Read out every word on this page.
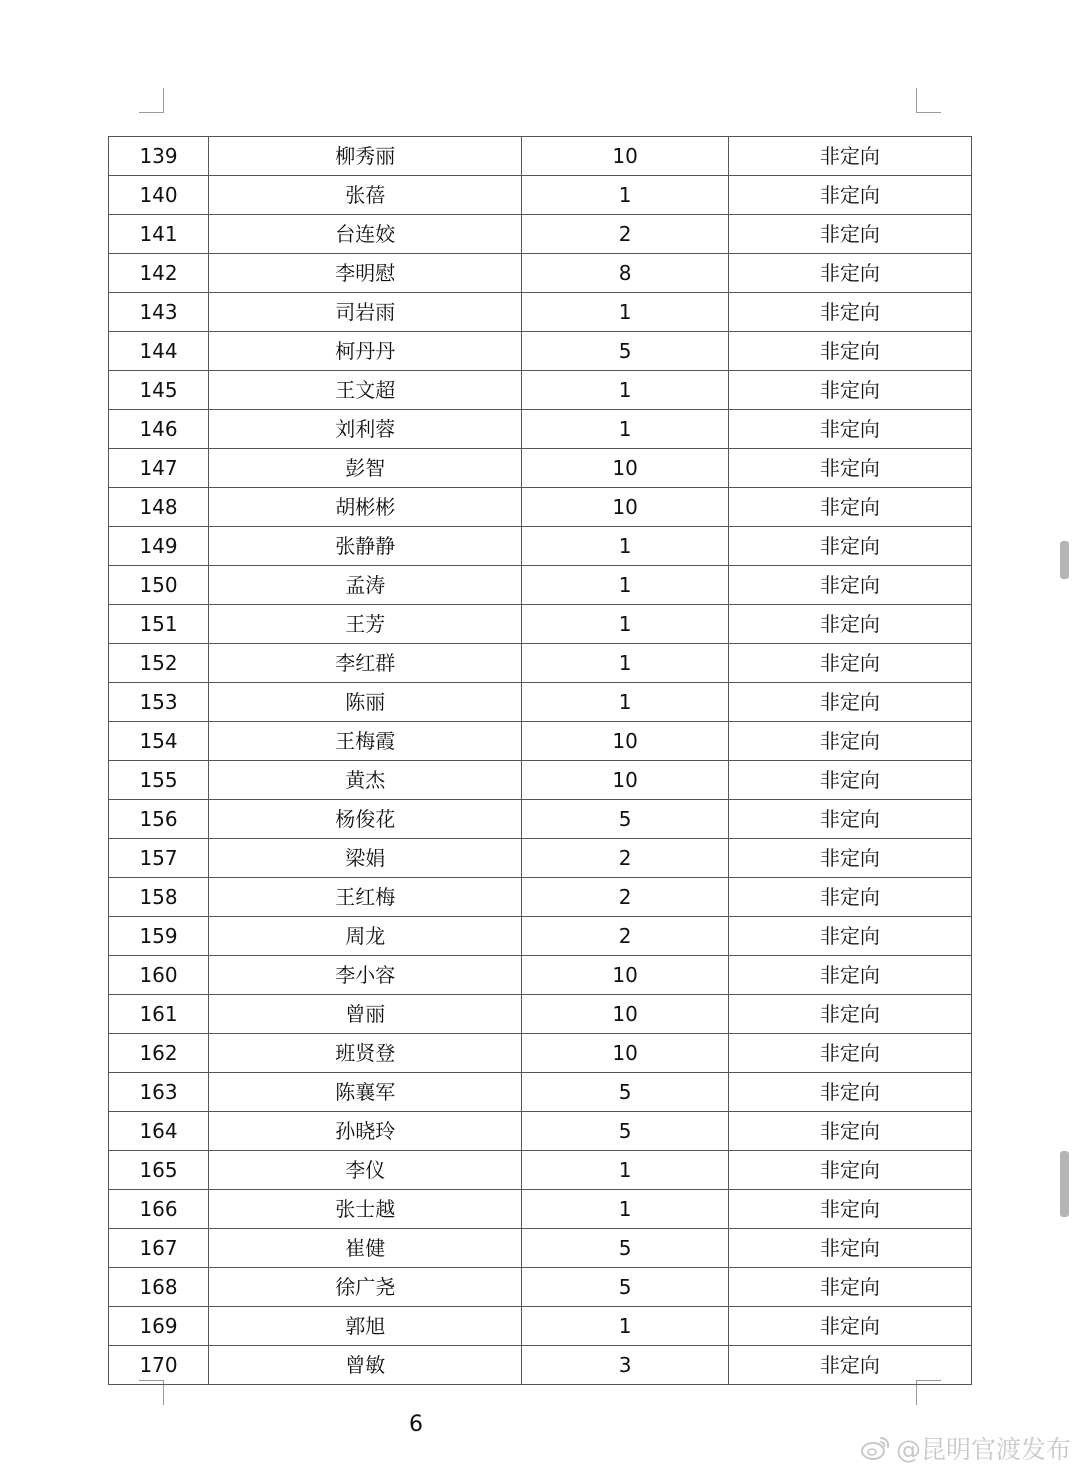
139	柳秀丽	10	非定向
140	张蓓	1	非定向
141	台连姣	2	非定向
142	李明慰	8	非定向
143	司岩雨	1	非定向
144	柯丹丹	5	非定向
145	王文超	1	非定向
146	刘利蓉	1	非定向
147	彭智	10	非定向
148	胡彬彬	10	非定向
149	张静静	1	非定向
150	孟涛	1	非定向
151	王芳	1	非定向
152	李红群	1	非定向
153	陈丽	1	非定向
154	王梅霞	10	非定向
155	黄杰	10	非定向
156	杨俊花	5	非定向
157	梁娟	2	非定向
158	王红梅	2	非定向
159	周龙	2	非定向
160	李小容	10	非定向
161	曾丽	10	非定向
162	班贤登	10	非定向
163	陈襄军	5	非定向
164	孙晓玲	5	非定向
165	李仪	1	非定向
166	张士越	1	非定向
167	崔健	5	非定向
168	徐广尧	5	非定向
169	郭旭	1	非定向
170	曾敏	3	非定向
6
@昆明官渡发布
